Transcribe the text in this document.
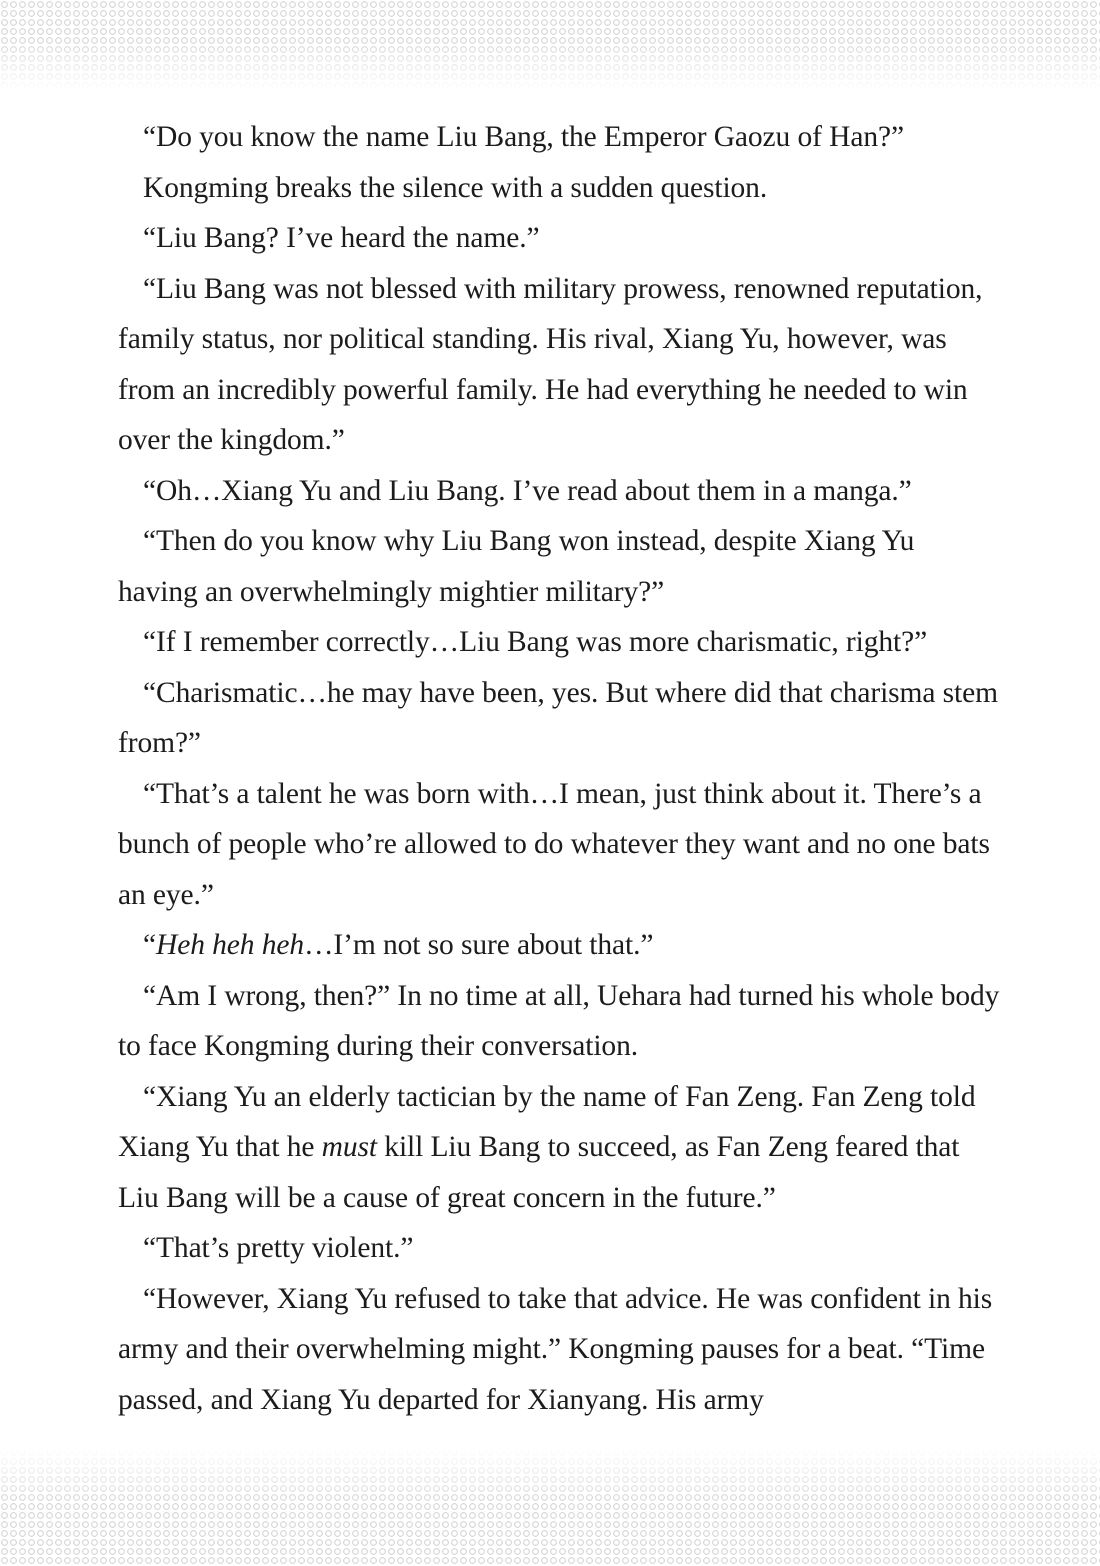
“Do you know the name Liu Bang, the Emperor Gaozu of Han?”

Kongming breaks the silence with a sudden question.

“Liu Bang? I’ve heard the name.”

“Liu Bang was not blessed with military prowess, renowned reputation, family status, nor political standing. His rival, Xiang Yu, however, was from an incredibly powerful family. He had everything he needed to win over the kingdom.”

“Oh…Xiang Yu and Liu Bang. I’ve read about them in a manga.”

“Then do you know why Liu Bang won instead, despite Xiang Yu having an overwhelmingly mightier military?”

“If I remember correctly…Liu Bang was more charismatic, right?”

“Charismatic…he may have been, yes. But where did that charisma stem from?”

“That’s a talent he was born with…I mean, just think about it. There’s a bunch of people who’re allowed to do whatever they want and no one bats an eye.”

“Heh heh heh…I’m not so sure about that.”

“Am I wrong, then?” In no time at all, Uehara had turned his whole body to face Kongming during their conversation.

“Xiang Yu an elderly tactician by the name of Fan Zeng. Fan Zeng told Xiang Yu that he must kill Liu Bang to succeed, as Fan Zeng feared that Liu Bang will be a cause of great concern in the future.”

“That’s pretty violent.”

“However, Xiang Yu refused to take that advice. He was confident in his army and their overwhelming might.” Kongming pauses for a beat. “Time passed, and Xiang Yu departed for Xianyang. His army
